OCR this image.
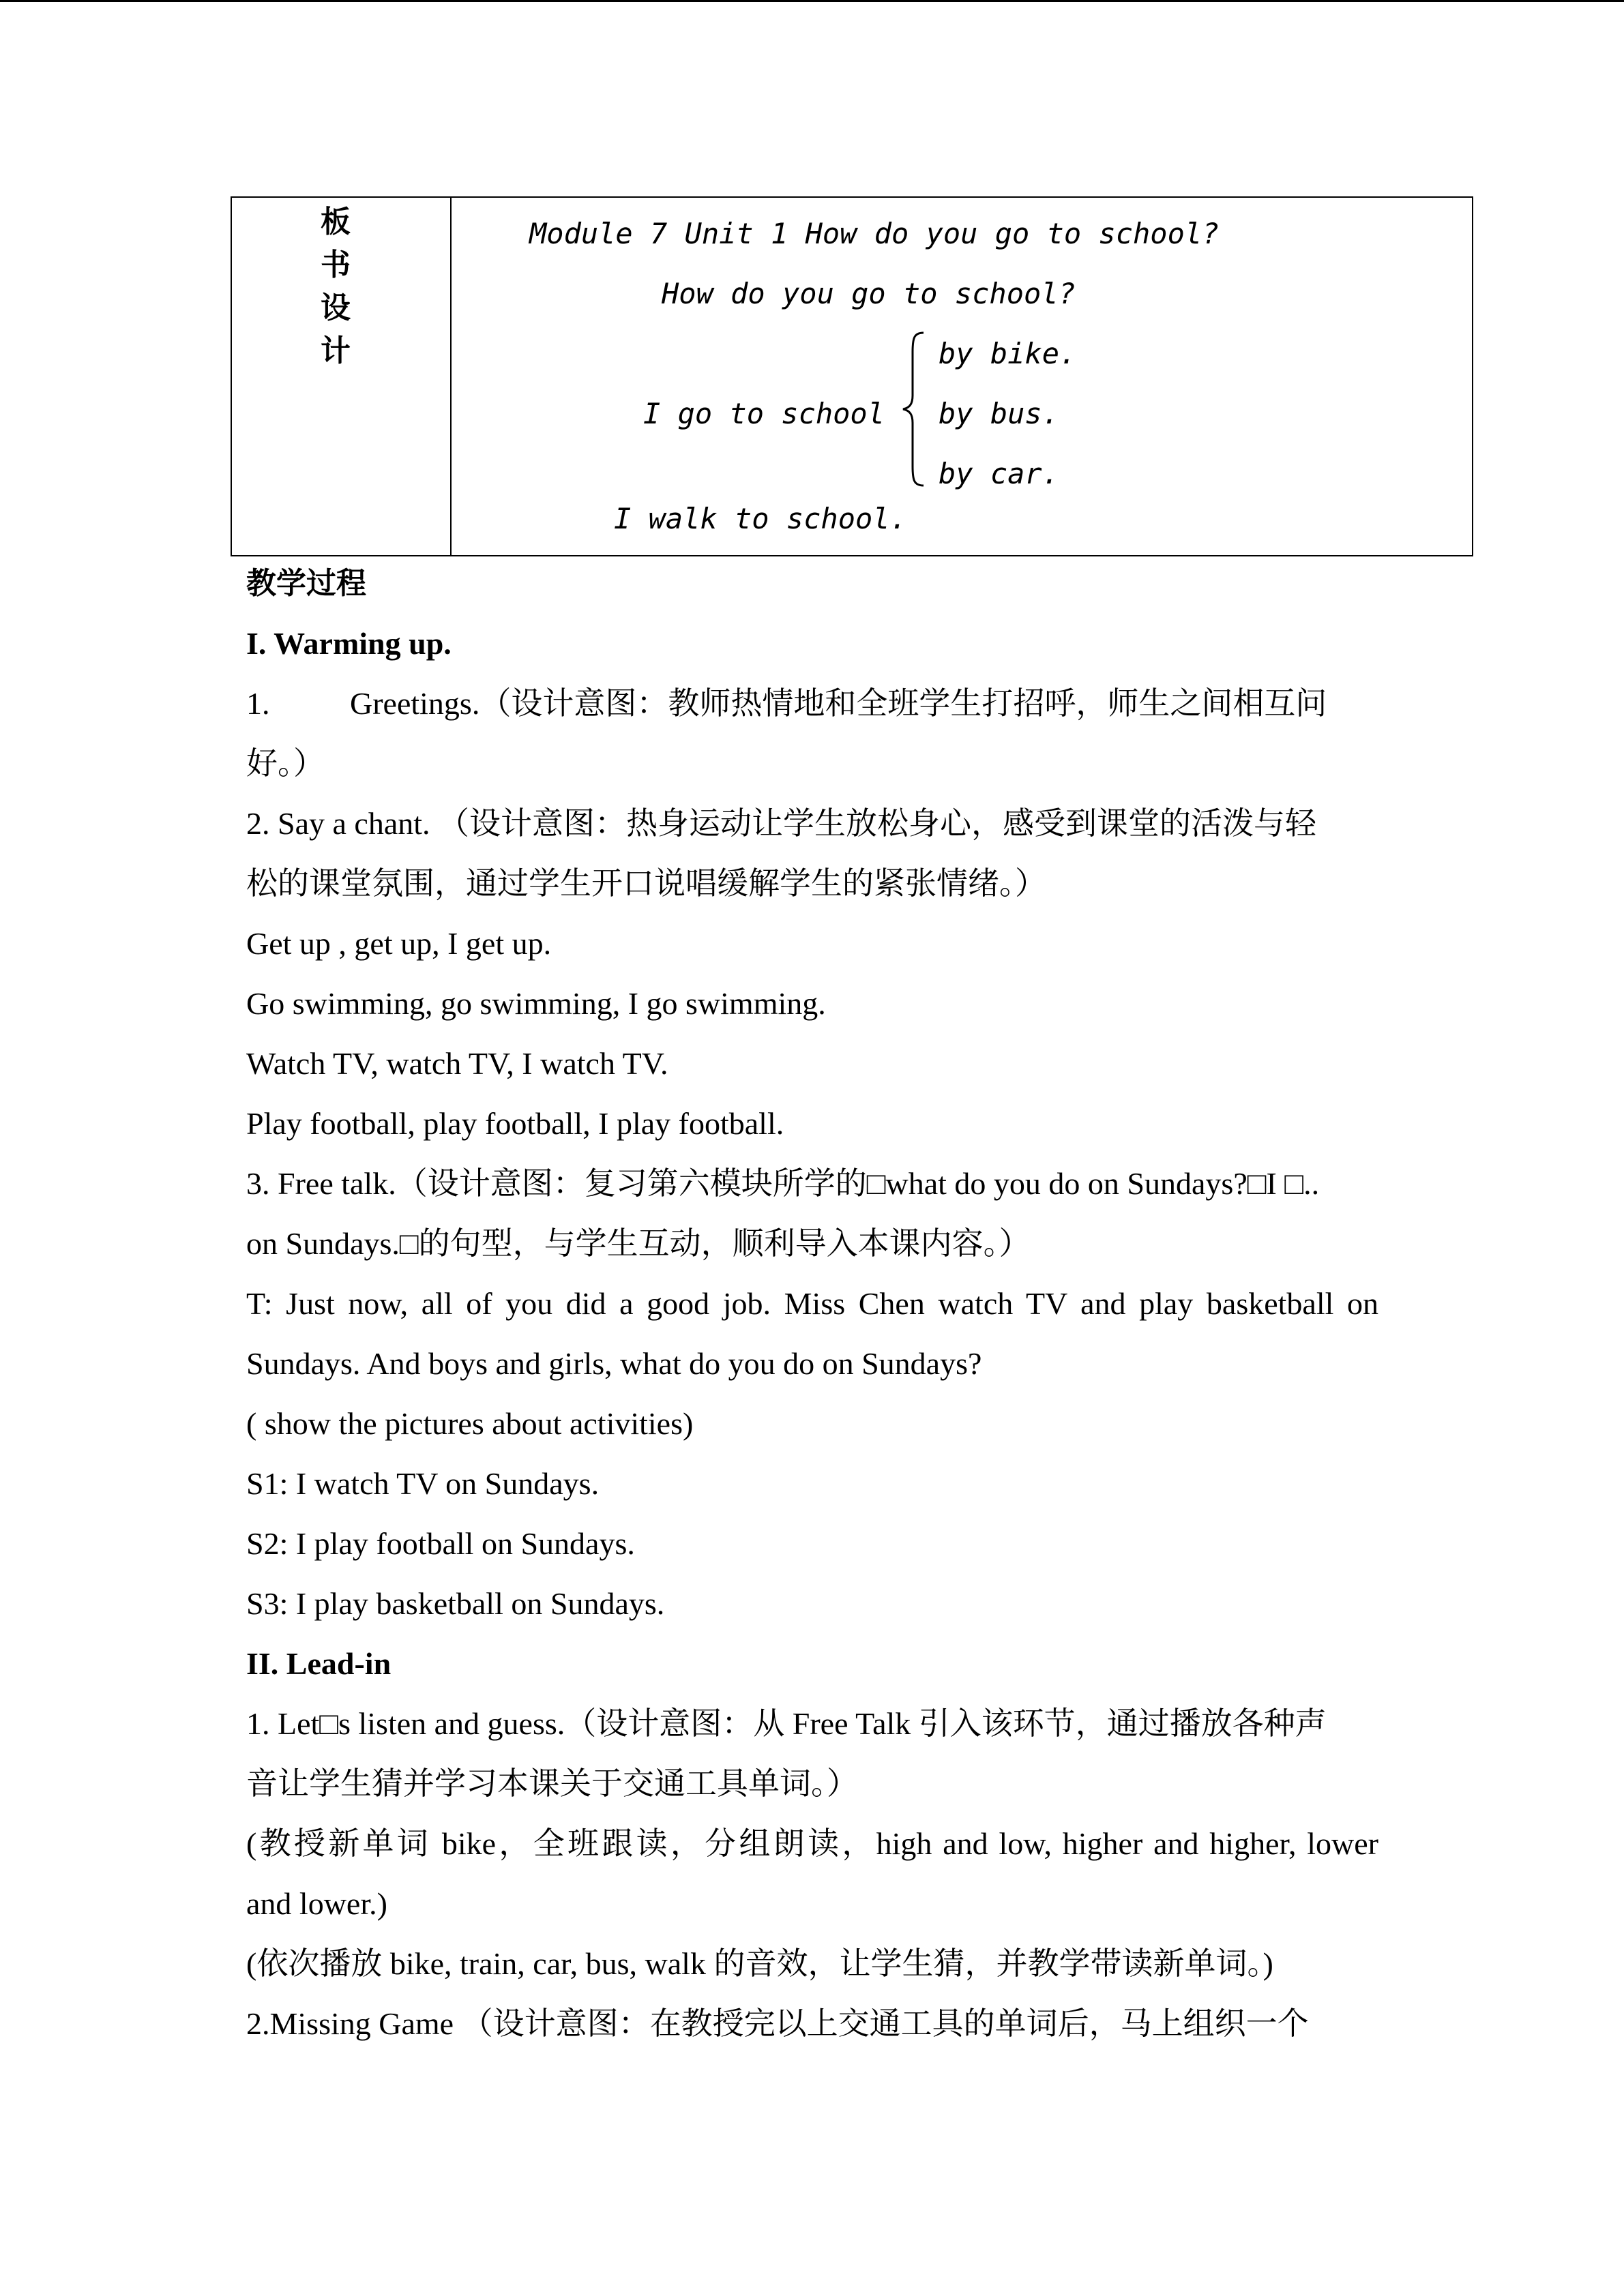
板
书
设
计
Module 7 Unit 1 How do you go to school?
How do you go to school?
I go to school
by bike.
by bus.
by car.
I walk to school.
教学过程
I. Warming up.
1.	Greetings.（设计意图：教师热情地和全班学生打招呼，师生之间相互问
好。）
2. Say a chant. （设计意图：热身运动让学生放松身心，感受到课堂的活泼与轻
松的课堂氛围，通过学生开口说唱缓解学生的紧张情绪。）
Get up , get up, I get up.
Go swimming, go swimming, I go swimming.
Watch TV, watch TV, I watch TV.
Play football, play football, I play football.
3. Free talk.（设计意图：复习第六模块所学的□what do you do on Sundays?□I □..
on Sundays.□的句型，与学生互动，顺利导入本课内容。）
T: Just now, all of you did a good job. Miss Chen watch TV and play basketball on
Sundays. And boys and girls, what do you do on Sundays?
( show the pictures about activities)
S1: I watch TV on Sundays.
S2: I play football on Sundays.
S3: I play basketball on Sundays.
II. Lead-in
1. Let□s listen and guess.（设计意图：从 Free Talk 引入该环节，通过播放各种声
音让学生猜并学习本课关于交通工具单词。）
(教授新单词 bike，全班跟读，分组朗读，high and low, higher and higher, lower
and lower.)
(依次播放 bike, train, car, bus, walk 的音效，让学生猜，并教学带读新单词。)
2.Missing Game （设计意图：在教授完以上交通工具的单词后，马上组织一个
